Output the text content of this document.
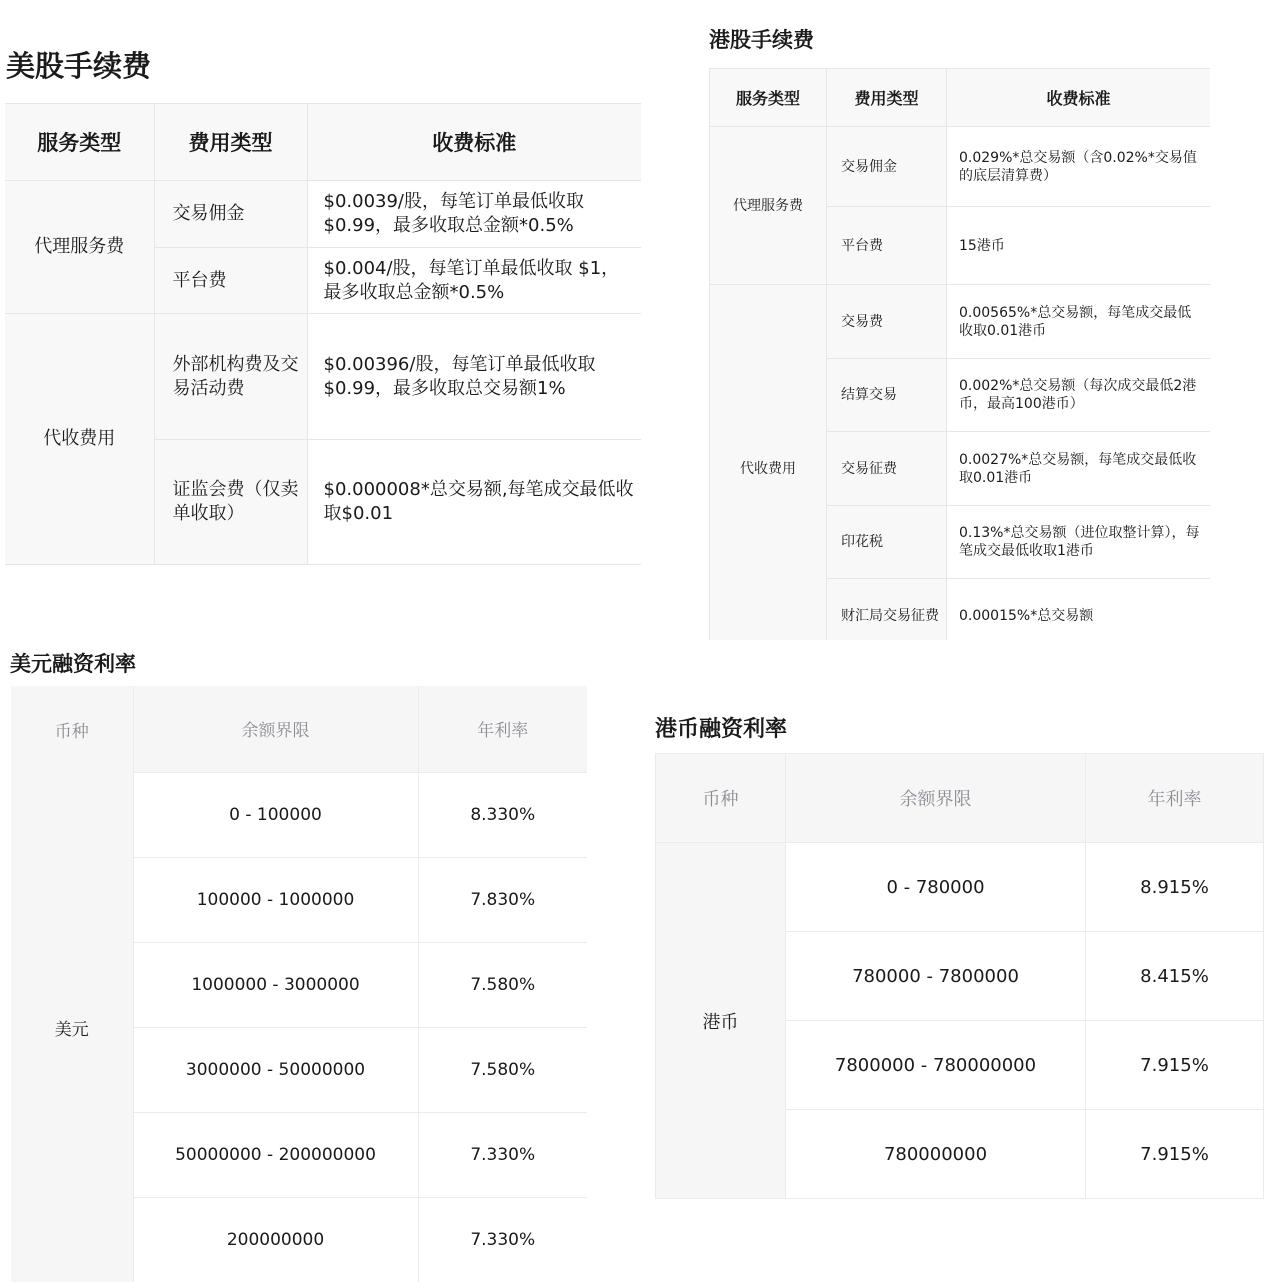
美股手续费
服务类型	费用类型	收费标准
代理服务费	交易佣金	$0.0039/股，每笔订单最低收取 $0.99，最多收取总金额*0.5%
	平台费	$0.004/股，每笔订单最低收取 $1，最多收取总金额*0.5%
代收费用	外部机构费及交易活动费	$0.00396/股，每笔订单最低收取 $0.99，最多收取总交易额1%
	证监会费（仅卖单收取）	$0.000008*总交易额,每笔成交最低收取$0.01
港股手续费
服务类型	费用类型	收费标准
代理服务费	交易佣金	0.029%*总交易额（含0.02%*交易值的底层清算费）
	平台费	15港币
代收费用	交易费	0.00565%*总交易额，每笔成交最低收取0.01港币
	结算交易	0.002%*总交易额（每次成交最低2港币，最高100港币）
	交易征费	0.0027%*总交易额，每笔成交最低收取0.01港币
	印花税	0.13%*总交易额（进位取整计算），每笔成交最低收取1港币
	财汇局交易征费	0.00015%*总交易额
美元融资利率
币种	余额界限	年利率
美元	0 - 100000	8.330%
	100000 - 1000000	7.830%
	1000000 - 3000000	7.580%
	3000000 - 50000000	7.580%
	50000000 - 200000000	7.330%
	200000000	7.330%
港币融资利率
币种	余额界限	年利率
港币	0 - 780000	8.915%
	780000 - 7800000	8.415%
	7800000 - 780000000	7.915%
	780000000	7.915%
